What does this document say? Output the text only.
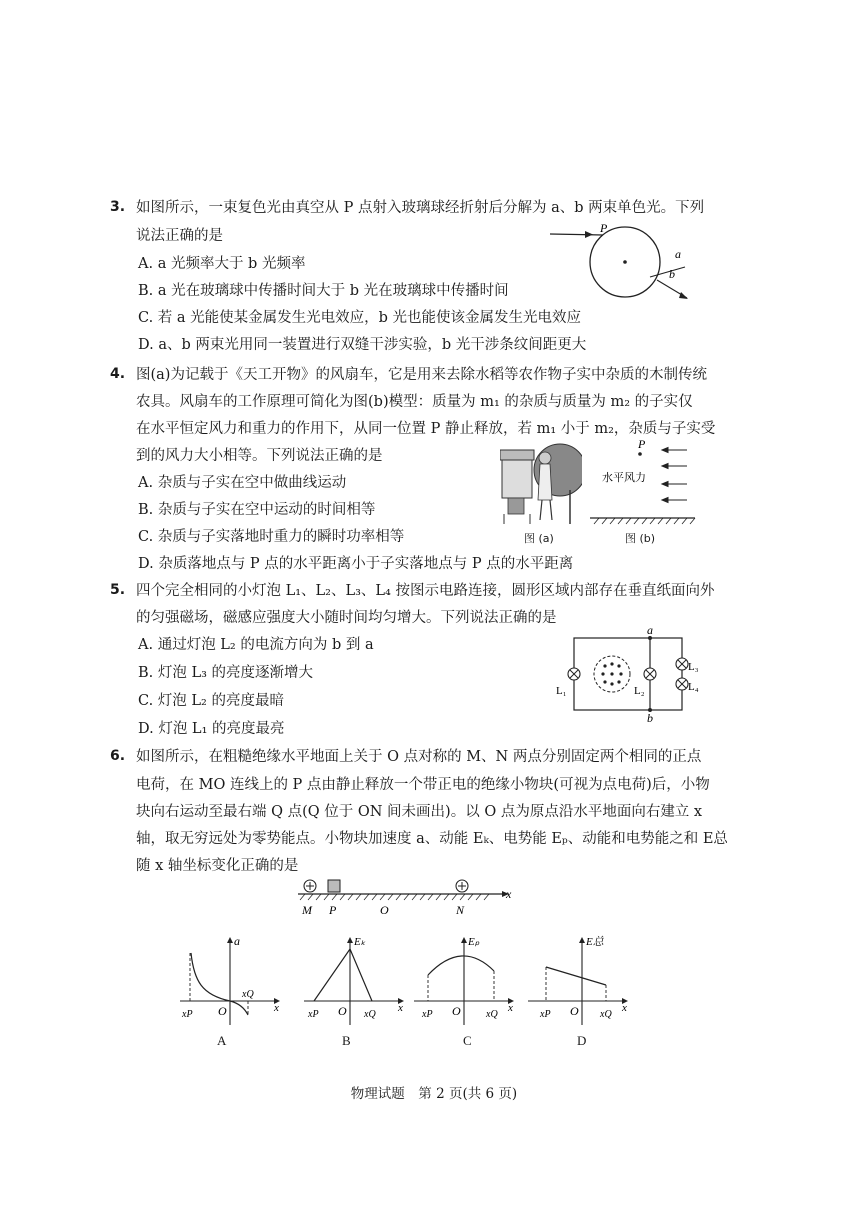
3. 如图所示，一束复色光由真空从 P 点射入玻璃球经折射后分解为 a、b 两束单色光。下列
说法正确的是
A. a 光频率大于 b 光频率
B. a 光在玻璃球中传播时间大于 b 光在玻璃球中传播时间
C. 若 a 光能使某金属发生光电效应，b 光也能使该金属发生光电效应
D. a、b 两束光用同一装置进行双缝干涉实验，b 光干涉条纹间距更大
P
a
b
4. 图(a)为记载于《天工开物》的风扇车，它是用来去除水稻等农作物子实中杂质的木制传统
农具。风扇车的工作原理可简化为图(b)模型：质量为 m₁ 的杂质与质量为 m₂ 的子实仅
在水平恒定风力和重力的作用下，从同一位置 P 静止释放，若 m₁ 小于 m₂，杂质与子实受
到的风力大小相等。下列说法正确的是
A. 杂质与子实在空中做曲线运动
B. 杂质与子实在空中运动的时间相等
C. 杂质与子实落地时重力的瞬时功率相等
D. 杂质落地点与 P 点的水平距离小于子实落地点与 P 点的水平距离
图 (a)
P
水平风力
图 (b)
5. 四个完全相同的小灯泡 L₁、L₂、L₃、L₄ 按图示电路连接，圆形区域内部存在垂直纸面向外
的匀强磁场，磁感应强度大小随时间均匀增大。下列说法正确的是
A. 通过灯泡 L₂ 的电流方向为 b 到 a
B. 灯泡 L₃ 的亮度逐渐增大
C. 灯泡 L₂ 的亮度最暗
D. 灯泡 L₁ 的亮度最亮
a
b
L₁	L₂
L₃
L₄
6. 如图所示，在粗糙绝缘水平地面上关于 O 点对称的 M、N 两点分别固定两个相同的正点
电荷，在 MO 连线上的 P 点由静止释放一个带正电的绝缘小物块(可视为点电荷)后，小物
块向右运动至最右端 Q 点(Q 位于 ON 间未画出)。以 O 点为原点沿水平地面向右建立 x
轴，取无穷远处为零势能点。小物块加速度 a、动能 Eₖ、电势能 Eₚ、动能和电势能之和 E总
随 x 轴坐标变化正确的是
M P	O	N
x
a
O
xP
xQ
x
A
Eₖ
O
xP	xQ
x
B
Eₚ
O
xP	xQ
x
C
E总
O
xP	xQ
x
D
物理试题　第 2 页(共 6 页)
